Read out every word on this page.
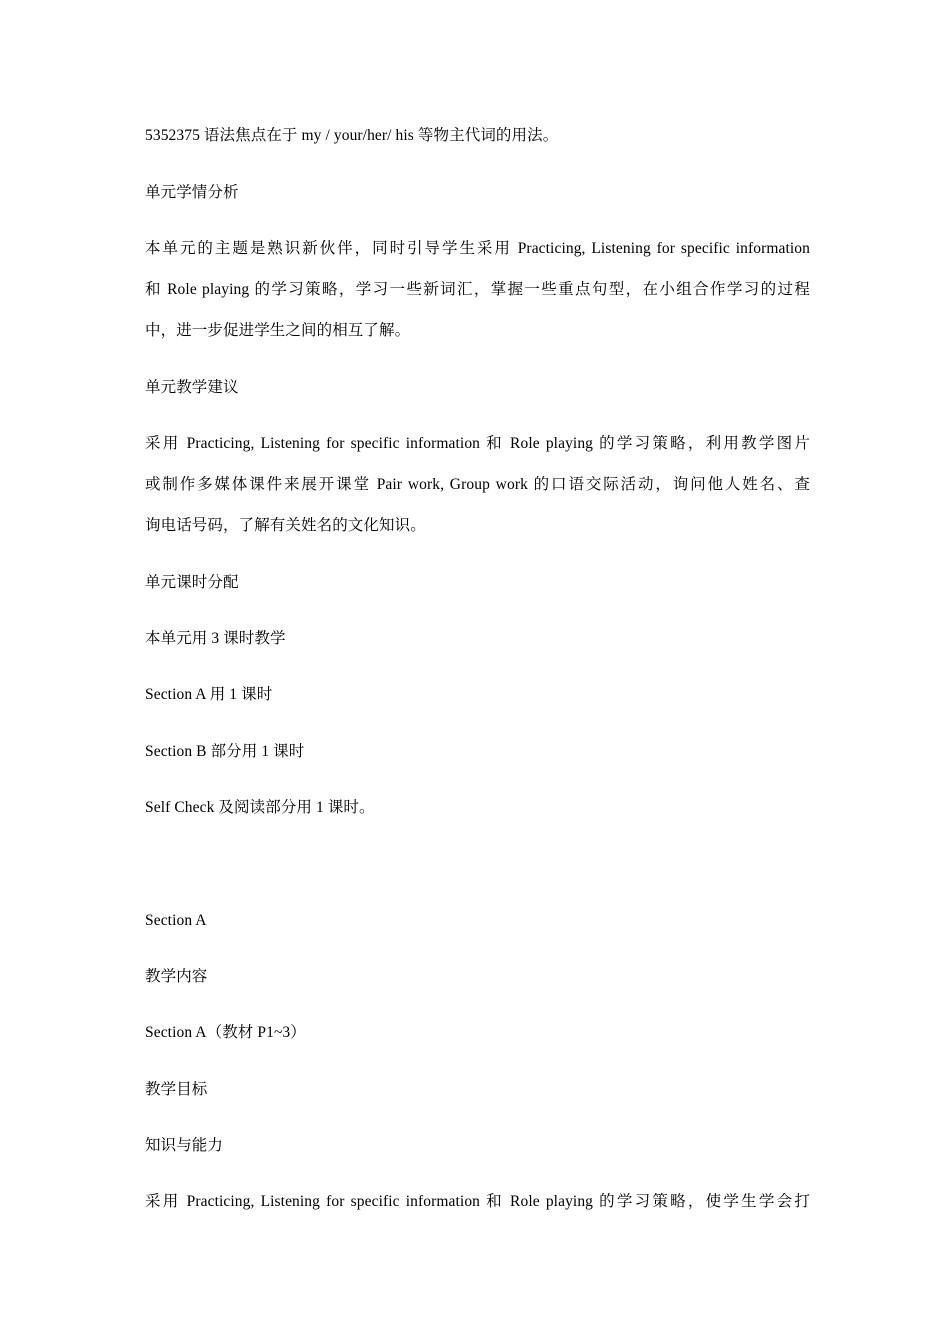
5352375 语法焦点在于 my / your/her/ his 等物主代词的用法。
单元学情分析
本单元的主题是熟识新伙伴，同时引导学生采用 Practicing, Listening for specific information
和 Role playing 的学习策略，学习一些新词汇，掌握一些重点句型，在小组合作学习的过程
中，进一步促进学生之间的相互了解。
单元教学建议
采用 Practicing, Listening for specific information 和 Role playing 的学习策略，利用教学图片
或制作多媒体课件来展开课堂 Pair work, Group work 的口语交际活动，询问他人姓名、查
询电话号码，了解有关姓名的文化知识。
单元课时分配
本单元用 3 课时教学
Section A 用 1 课时
Section B 部分用 1 课时
Self Check 及阅读部分用 1 课时。
Section A
教学内容
Section A（教材 P1~3）
教学目标
知识与能力
采用 Practicing, Listening for specific information 和 Role playing 的学习策略，使学生学会打
